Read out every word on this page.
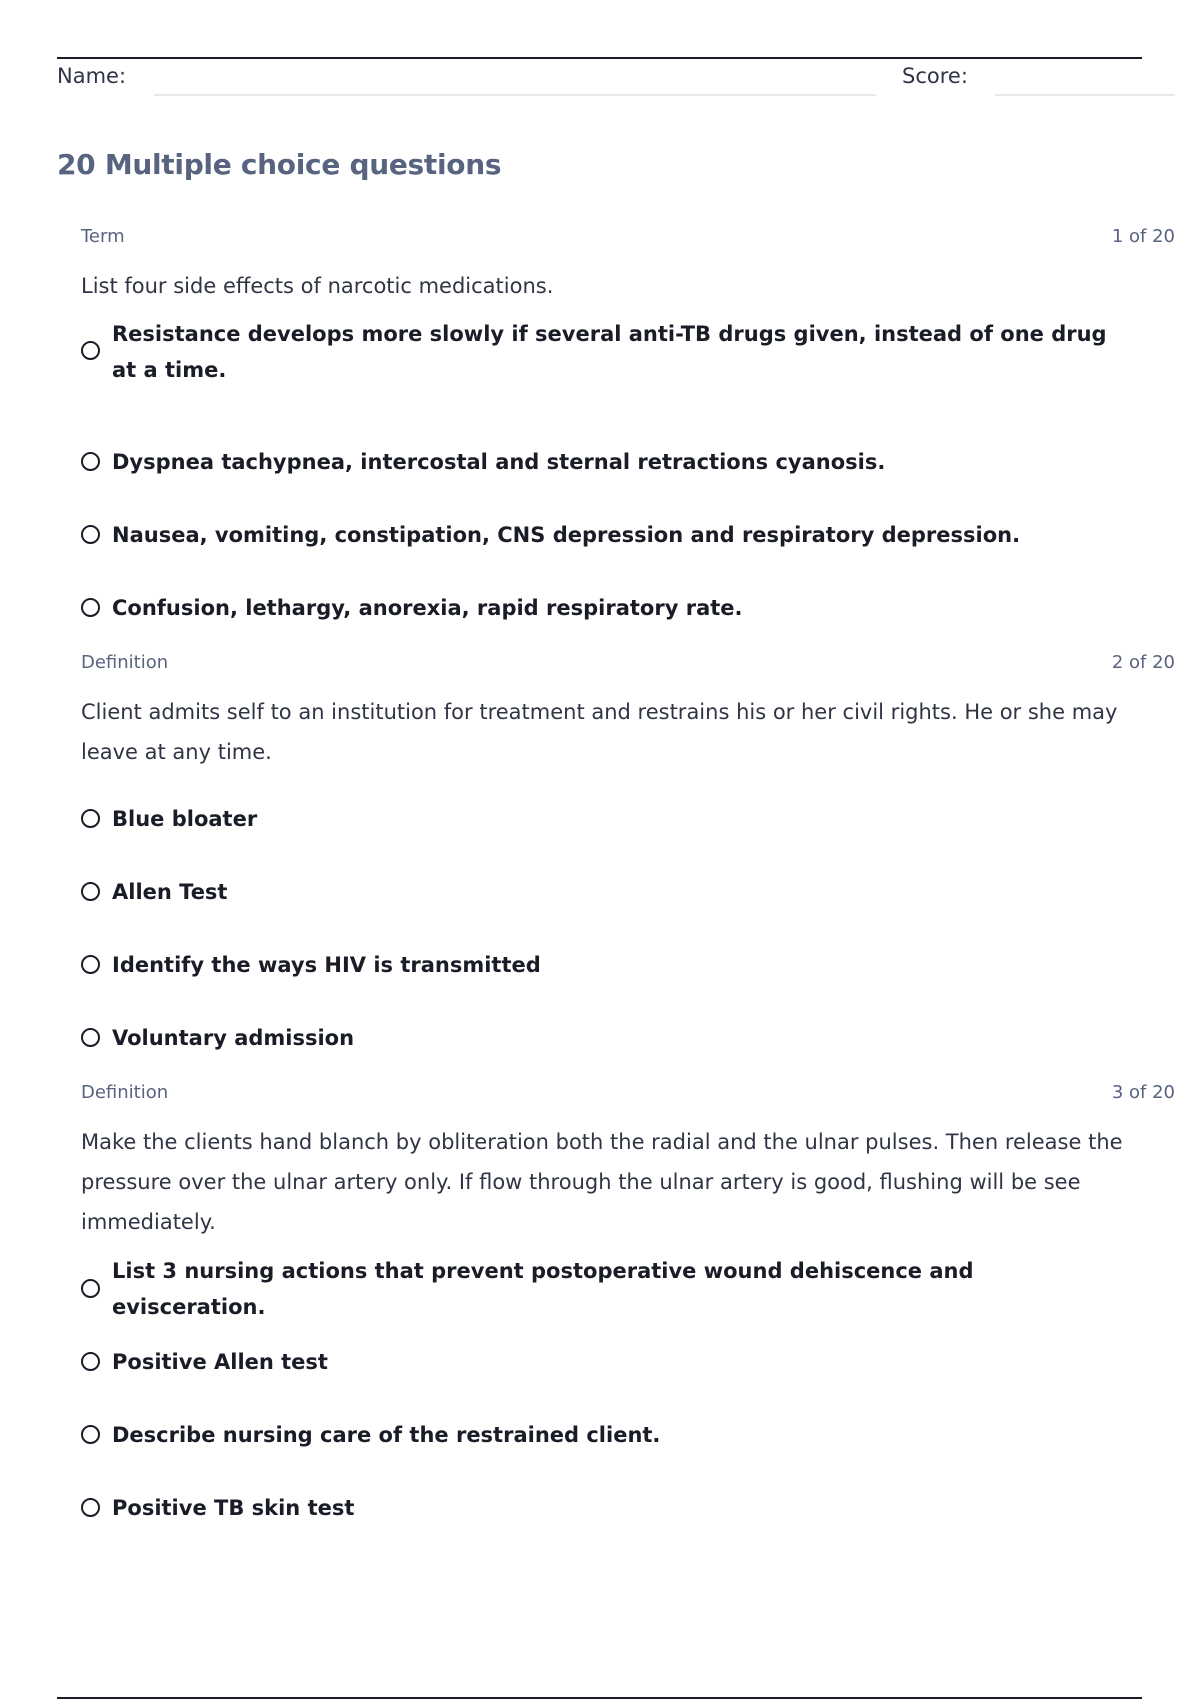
Name:	Score:
20 Multiple choice questions
Term	1 of 20
List four side effects of narcotic medications.
Resistance develops more slowly if several anti-TB drugs given, instead of one drug at a time.
Dyspnea tachypnea, intercostal and sternal retractions cyanosis.
Nausea, vomiting, constipation, CNS depression and respiratory depression.
Confusion, lethargy, anorexia, rapid respiratory rate.
Definition	2 of 20
Client admits self to an institution for treatment and restrains his or her civil rights. He or she may leave at any time.
Blue bloater
Allen Test
Identify the ways HIV is transmitted
Voluntary admission
Definition	3 of 20
Make the clients hand blanch by obliteration both the radial and the ulnar pulses. Then release the pressure over the ulnar artery only. If flow through the ulnar artery is good, flushing will be see immediately.
List 3 nursing actions that prevent postoperative wound dehiscence and evisceration.
Positive Allen test
Describe nursing care of the restrained client.
Positive TB skin test
